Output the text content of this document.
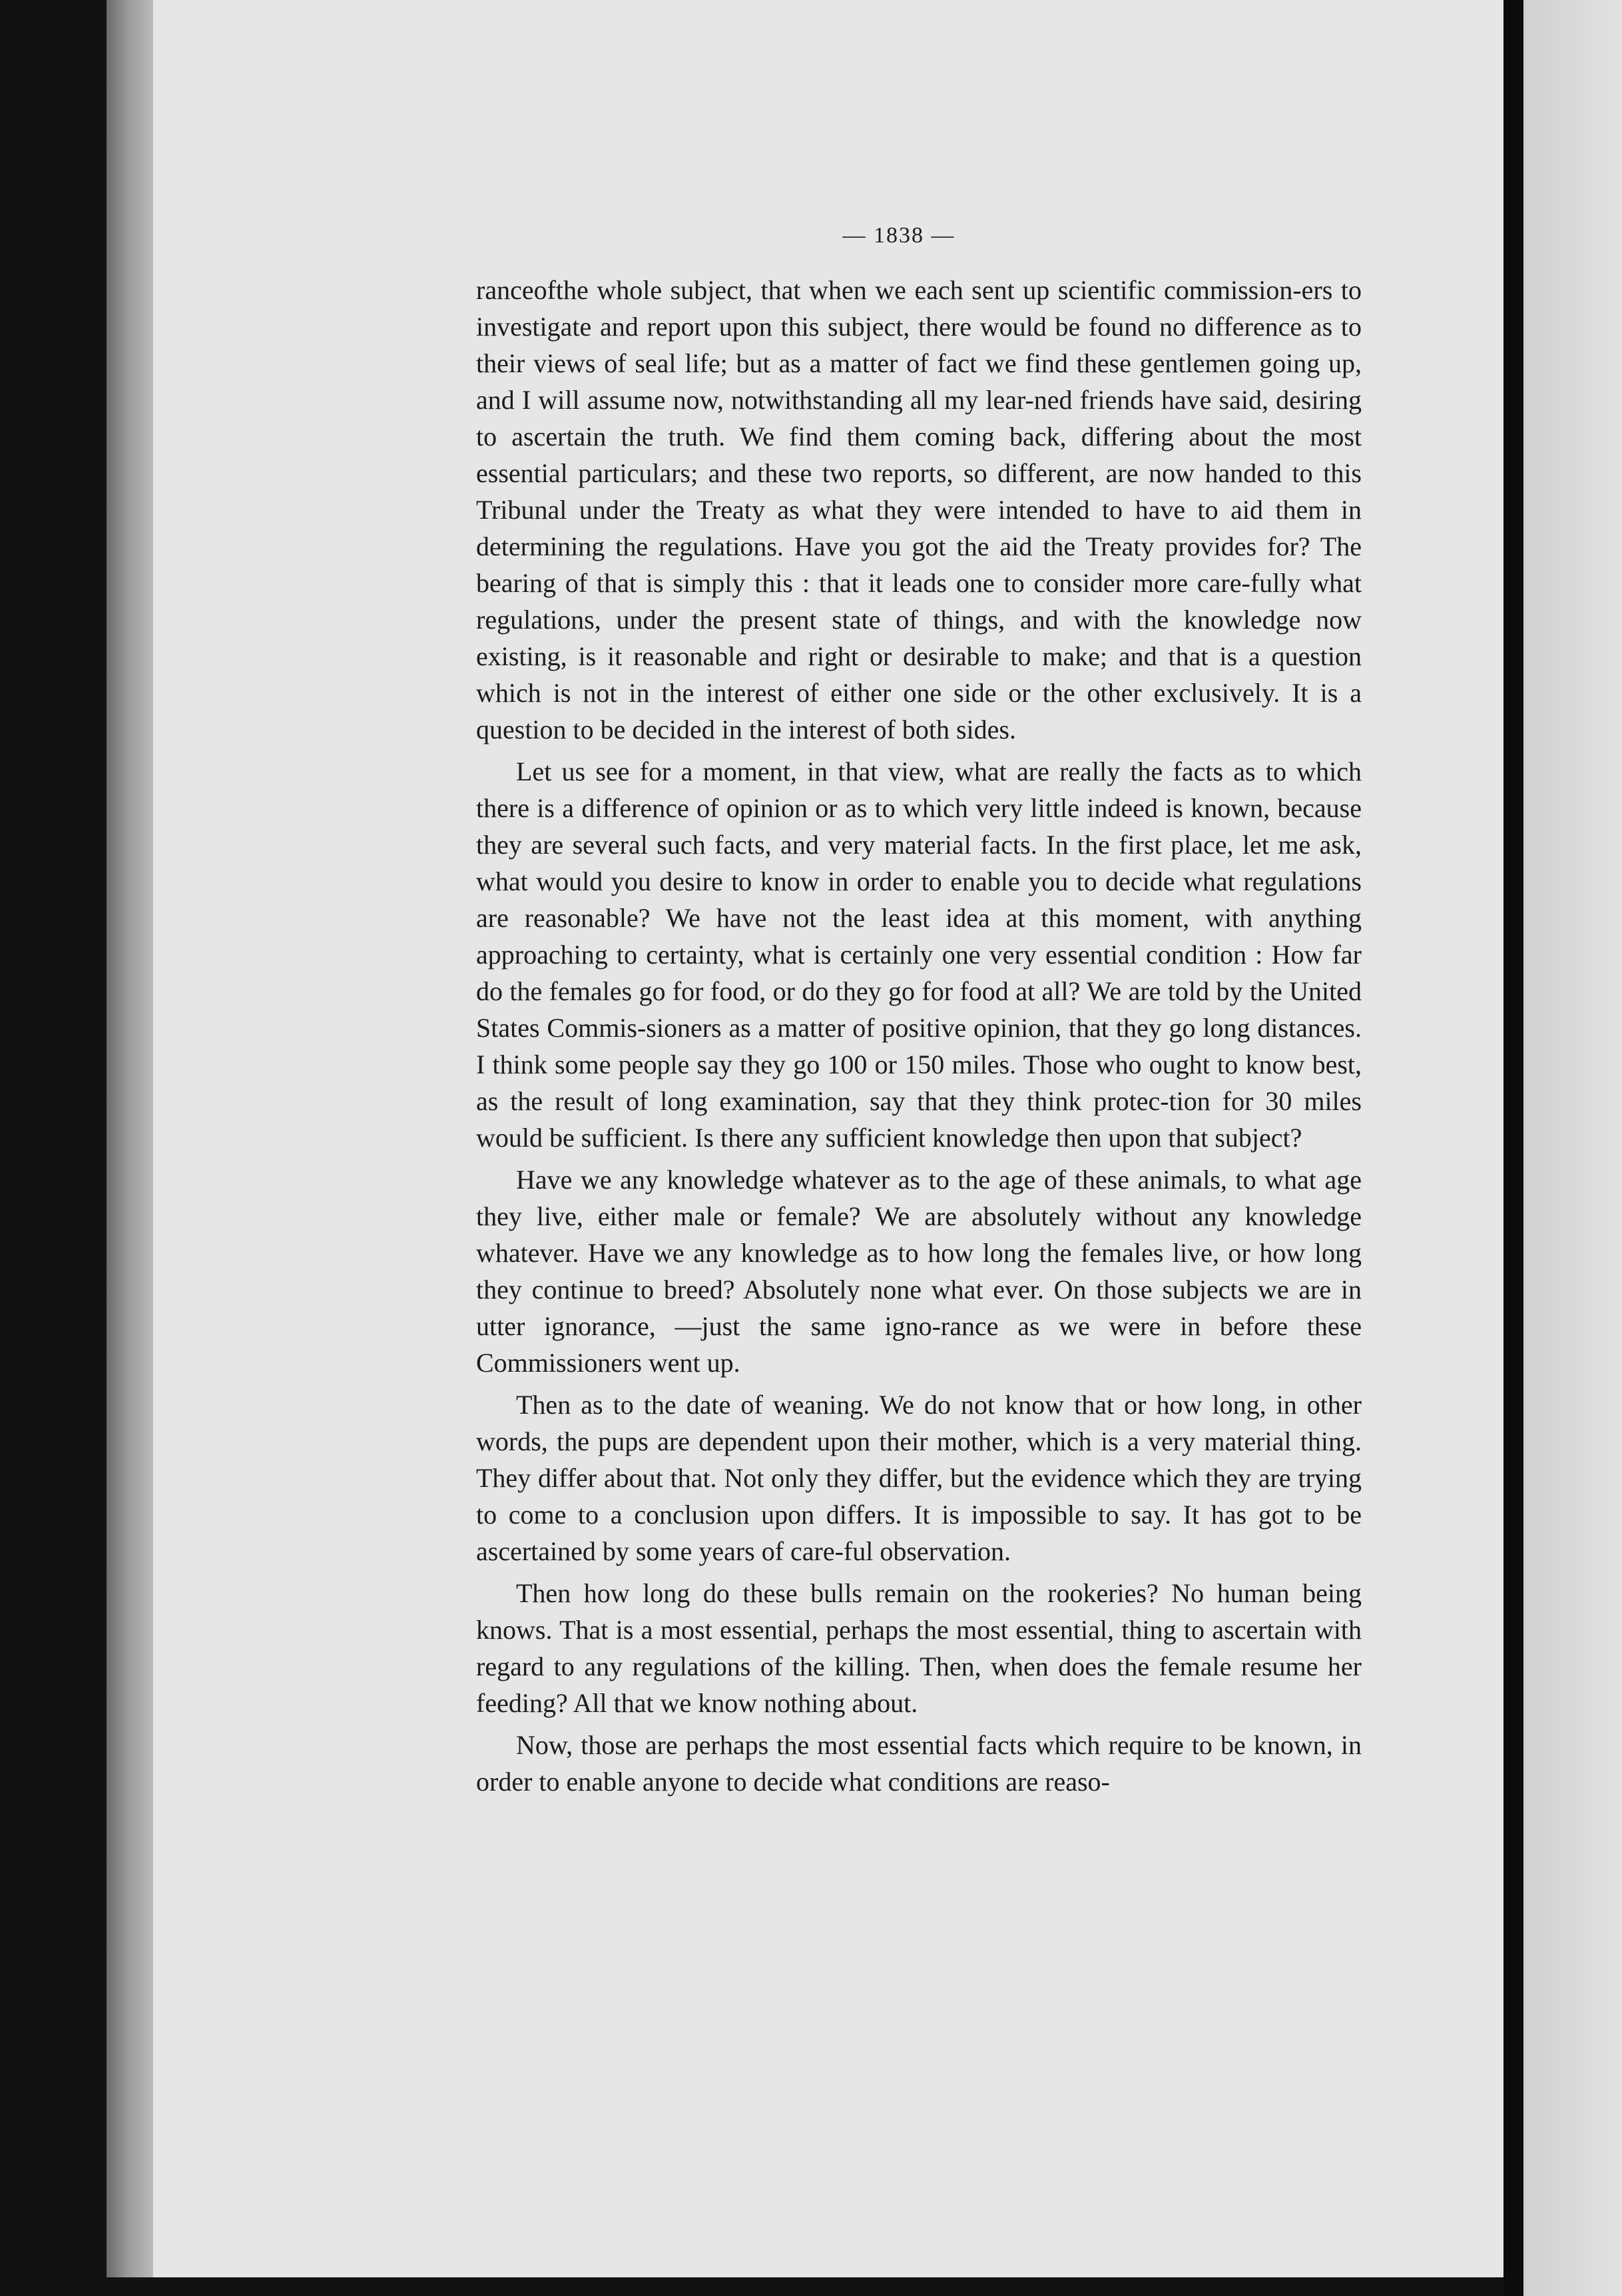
— 1838 —

ranceofthe whole subject, that when we each sent up scientific commission-ers to investigate and report upon this subject, there would be found no difference as to their views of seal life; but as a matter of fact we find these gentlemen going up, and I will assume now, notwithstanding all my lear-ned friends have said, desiring to ascertain the truth. We find them coming back, differing about the most essential particulars; and these two reports, so different, are now handed to this Tribunal under the Treaty as what they were intended to have to aid them in determining the regulations. Have you got the aid the Treaty provides for? The bearing of that is simply this : that it leads one to consider more care-fully what regulations, under the present state of things, and with the knowledge now existing, is it reasonable and right or desirable to make; and that is a question which is not in the interest of either one side or the other exclusively. It is a question to be decided in the interest of both sides.

Let us see for a moment, in that view, what are really the facts as to which there is a difference of opinion or as to which very little indeed is known, because they are several such facts, and very material facts. In the first place, let me ask, what would you desire to know in order to enable you to decide what regulations are reasonable? We have not the least idea at this moment, with anything approaching to certainty, what is certainly one very essential condition : How far do the females go for food, or do they go for food at all? We are told by the United States Commis-sioners as a matter of positive opinion, that they go long distances. I think some people say they go 100 or 150 miles. Those who ought to know best, as the result of long examination, say that they think protec-tion for 30 miles would be sufficient. Is there any sufficient knowledge then upon that subject?

Have we any knowledge whatever as to the age of these animals, to what age they live, either male or female? We are absolutely without any knowledge whatever. Have we any knowledge as to how long the females live, or how long they continue to breed? Absolutely none what ever. On those subjects we are in utter ignorance, —just the same igno-rance as we were in before these Commissioners went up.

Then as to the date of weaning. We do not know that or how long, in other words, the pups are dependent upon their mother, which is a very material thing. They differ about that. Not only they differ, but the evidence which they are trying to come to a conclusion upon differs. It is impossible to say. It has got to be ascertained by some years of care-ful observation.

Then how long do these bulls remain on the rookeries? No human being knows. That is a most essential, perhaps the most essential, thing to ascertain with regard to any regulations of the killing. Then, when does the female resume her feeding? All that we know nothing about.

Now, those are perhaps the most essential facts which require to be known, in order to enable anyone to decide what conditions are reaso-
